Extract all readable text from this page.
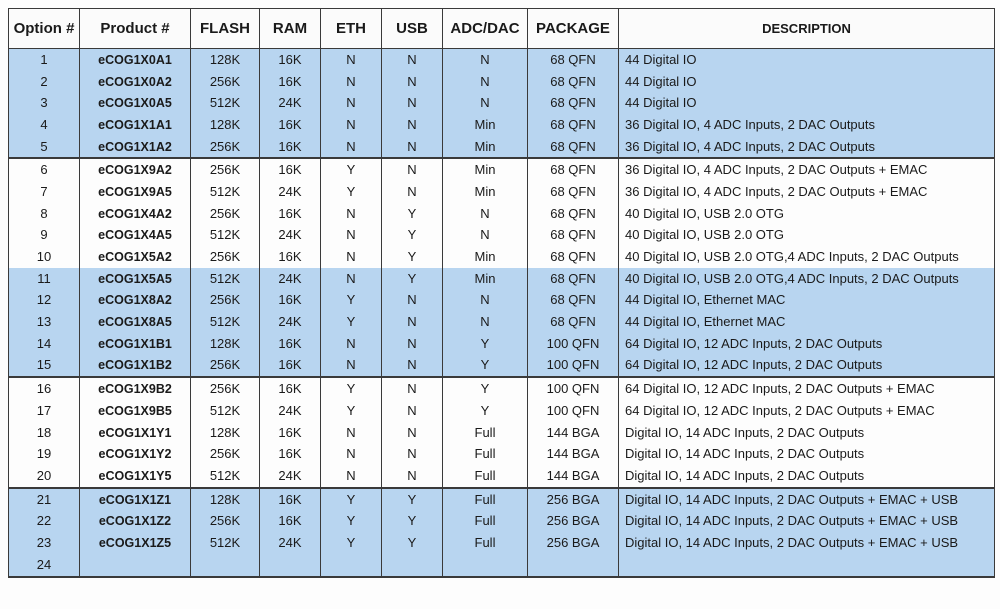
Option #	Product #	FLASH	RAM	ETH	USB	ADC/DAC	PACKAGE	DESCRIPTION
1	eCOG1X0A1	128K	16K	N	N	N	68 QFN	44 Digital IO
2	eCOG1X0A2	256K	16K	N	N	N	68 QFN	44 Digital IO
3	eCOG1X0A5	512K	24K	N	N	N	68 QFN	44 Digital IO
4	eCOG1X1A1	128K	16K	N	N	Min	68 QFN	36 Digital IO, 4 ADC Inputs, 2 DAC Outputs
5	eCOG1X1A2	256K	16K	N	N	Min	68 QFN	36 Digital IO, 4 ADC Inputs, 2 DAC Outputs
6	eCOG1X9A2	256K	16K	Y	N	Min	68 QFN	36 Digital IO, 4 ADC Inputs, 2 DAC Outputs + EMAC
7	eCOG1X9A5	512K	24K	Y	N	Min	68 QFN	36 Digital IO, 4 ADC Inputs, 2 DAC Outputs + EMAC
8	eCOG1X4A2	256K	16K	N	Y	N	68 QFN	40 Digital IO, USB 2.0 OTG
9	eCOG1X4A5	512K	24K	N	Y	N	68 QFN	40 Digital IO, USB 2.0 OTG
10	eCOG1X5A2	256K	16K	N	Y	Min	68 QFN	40 Digital IO, USB 2.0 OTG,4 ADC Inputs, 2 DAC Outputs
11	eCOG1X5A5	512K	24K	N	Y	Min	68 QFN	40 Digital IO, USB 2.0 OTG,4 ADC Inputs, 2 DAC Outputs
12	eCOG1X8A2	256K	16K	Y	N	N	68 QFN	44 Digital IO, Ethernet MAC
13	eCOG1X8A5	512K	24K	Y	N	N	68 QFN	44 Digital IO, Ethernet MAC
14	eCOG1X1B1	128K	16K	N	N	Y	100 QFN	64 Digital IO, 12 ADC Inputs, 2 DAC Outputs
15	eCOG1X1B2	256K	16K	N	N	Y	100 QFN	64 Digital IO, 12 ADC Inputs, 2 DAC Outputs
16	eCOG1X9B2	256K	16K	Y	N	Y	100 QFN	64 Digital IO, 12 ADC Inputs, 2 DAC Outputs + EMAC
17	eCOG1X9B5	512K	24K	Y	N	Y	100 QFN	64 Digital IO, 12 ADC Inputs, 2 DAC Outputs + EMAC
18	eCOG1X1Y1	128K	16K	N	N	Full	144 BGA	Digital IO, 14 ADC Inputs, 2 DAC Outputs
19	eCOG1X1Y2	256K	16K	N	N	Full	144 BGA	Digital IO, 14 ADC Inputs, 2 DAC Outputs
20	eCOG1X1Y5	512K	24K	N	N	Full	144 BGA	Digital IO, 14 ADC Inputs, 2 DAC Outputs
21	eCOG1X1Z1	128K	16K	Y	Y	Full	256 BGA	Digital IO, 14 ADC Inputs, 2 DAC Outputs + EMAC + USB
22	eCOG1X1Z2	256K	16K	Y	Y	Full	256 BGA	Digital IO, 14 ADC Inputs, 2 DAC Outputs + EMAC + USB
23	eCOG1X1Z5	512K	24K	Y	Y	Full	256 BGA	Digital IO, 14 ADC Inputs, 2 DAC Outputs + EMAC + USB
24								
